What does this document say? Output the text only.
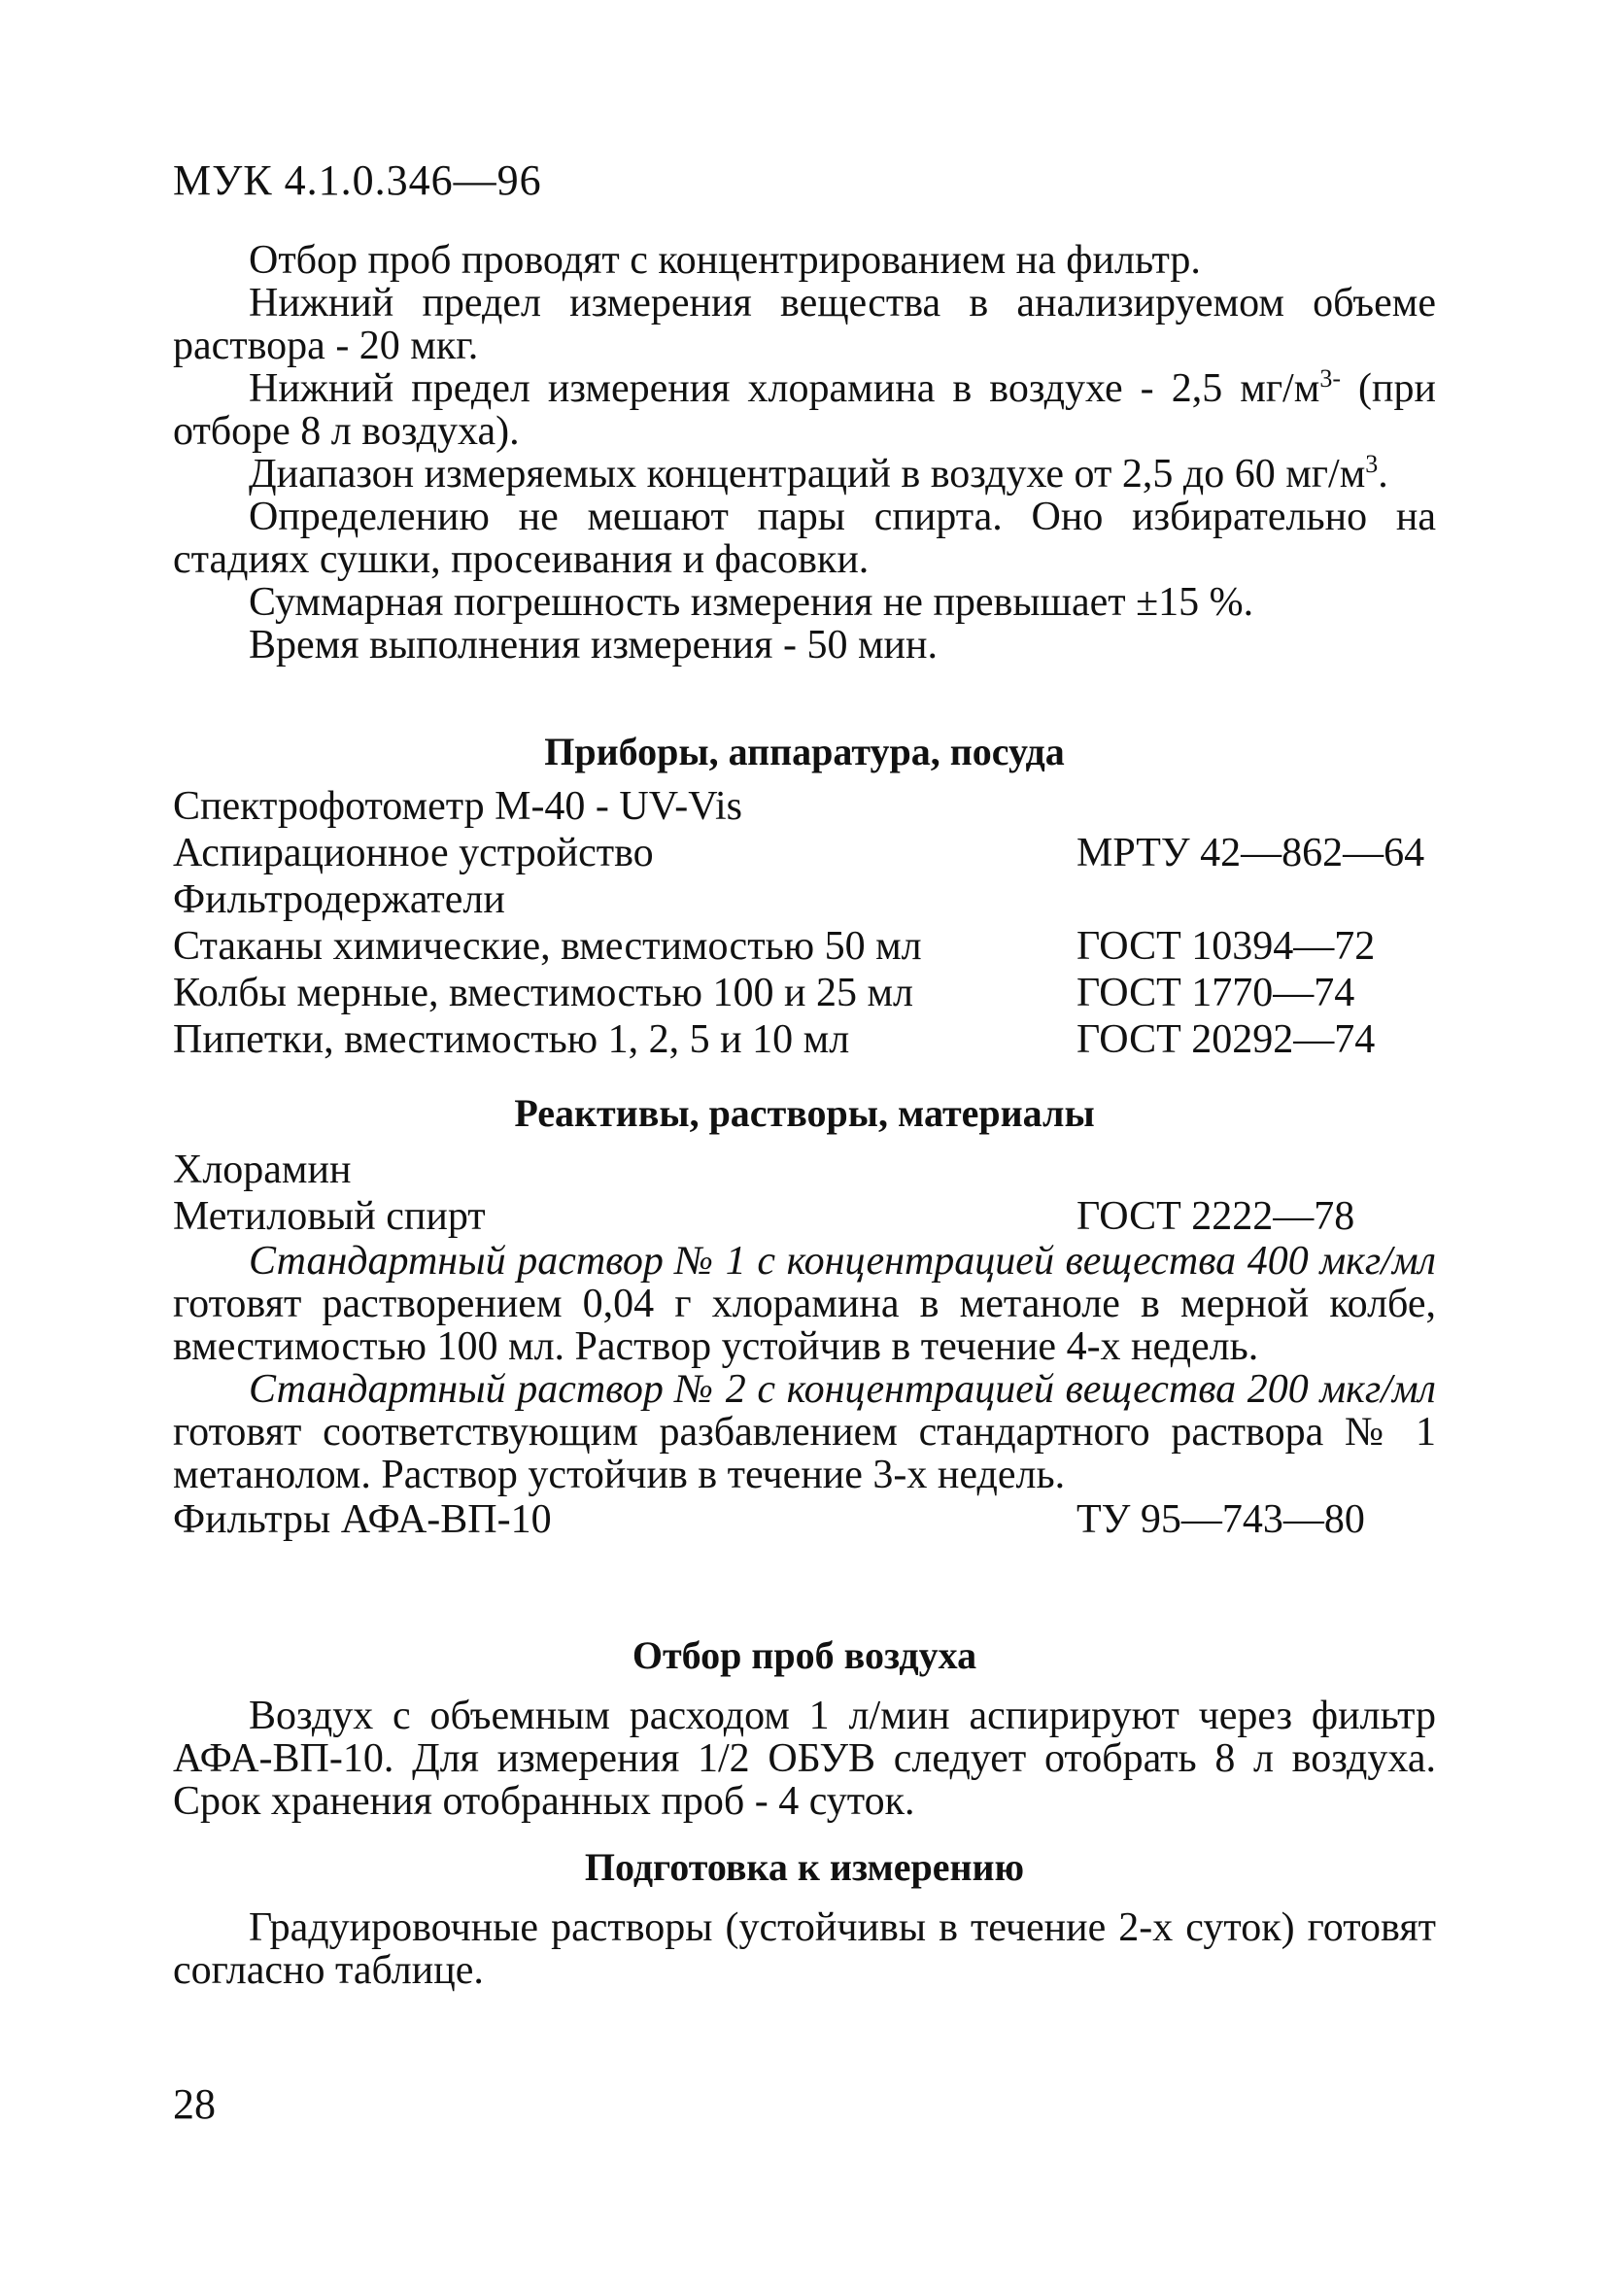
МУК 4.1.0.346—96

Отбор проб проводят с концентрированием на фильтр.

Нижний предел измерения вещества в анализируемом объеме раствора - 20 мкг.

Нижний предел измерения хлорамина в воздухе - 2,5 $мг/м^{3-}$ (при отборе 8 л воздуха).

Диапазон измеряемых концентраций в воздухе от 2,5 до 60 $мг/м^3$.

Определению не мешают пары спирта. Оно избирательно на стадиях сушки, просеивания и фасовки.

Суммарная погрешность измерения не превышает ±15 %.

Время выполнения измерения - 50 мин.

Приборы, аппаратура, посуда

Спектрофотометр М-40 - UV-Vis
Аспирационное устройство	МРТУ 42—862—64
Фильтродержатели
Стаканы химические, вместимостью 50 мл	ГОСТ 10394—72
Колбы мерные, вместимостью 100 и 25 мл	ГОСТ 1770—74
Пипетки, вместимостью 1, 2, 5 и 10 мл	ГОСТ 20292—74

Реактивы, растворы, материалы

Хлорамин
Метиловый спирт	ГОСТ 2222—78

Стандартный раствор № 1 с концентрацией вещества 400 мкг/мл готовят растворением 0,04 г хлорамина в метаноле в мерной колбе, вместимостью 100 мл. Раствор устойчив в течение 4-х недель.

Стандартный раствор № 2 с концентрацией вещества 200 мкг/мл готовят соответствующим разбавлением стандартного раствора № 1 метанолом. Раствор устойчив в течение 3-х недель.

Фильтры АФА-ВП-10	ТУ 95—743—80

Отбор проб воздуха

Воздух с объемным расходом 1 л/мин аспирируют через фильтр АФА-ВП-10. Для измерения 1/2 ОБУВ следует отобрать 8 л воздуха. Срок хранения отобранных проб - 4 суток.

Подготовка к измерению

Градуировочные растворы (устойчивы в течение 2-х суток) готовят согласно таблице.

28
